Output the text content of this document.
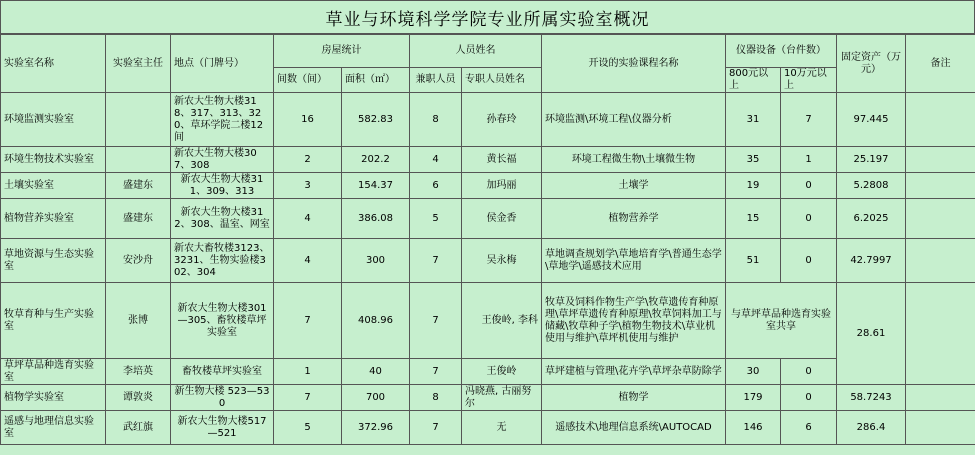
草业与环境科学学院专业所属实验室概况
实验室名称	实验室主任	地点（门牌号）	房屋统计		人员姓名		开设的实验课程名称	仪器设备（台件数）		固定资产（万元）	备注
			间数（间）	面积（㎡）	兼职人员	专职人员姓名		800元以上	10万元以上		
环境监测实验室		新农大生物大楼318、317、313、320、草环学院二楼12间	16	582.83	8	孙春玲	环境监测\环境工程\仪器分析	31	7	97.445	
环境生物技术实验室		新农大生物大楼307、308	2	202.2	4	黄长福	环境工程微生物\土壤微生物	35	1	25.197	
土壤实验室	盛建东	新农大生物大楼311、309、313	3	154.37	6	加玛丽	土壤学	19	0	5.2808	
植物营养实验室	盛建东	新农大生物大楼312、308、温室、网室	4	386.08	5	侯金香	植物营养学	15	0	6.2025	
草地资源与生态实验室	安沙舟	新农大畜牧楼3123、3231、生物实验楼302、304	4	300	7	吴永梅	草地调查规划学\草地培育学\普通生态学\草地学\遥感技术应用	51	0	42.7997	
牧草育种与生产实验室	张博	新农大生物大楼301—305、畜牧楼草坪实验室	7	408.96	7	王俊岭, 李科	牧草及饲料作物生产学\牧草遗传育种原理\草坪草遗传育种原理\牧草饲料加工与储藏\牧草种子学\植物生物技术\草业机使用与维护\草坪机使用与维护	与草坪草品种选育实验室共享		28.61	
草坪草品种选育实验室	李培英	畜牧楼草坪实验室	1	40	7	王俊岭	草坪建植与管理\花卉学\草坪杂草防除学	30	0		
植物学实验室	谭敦炎	新生物大楼 523—530	7	700	8	冯晓燕, 古丽努尔	植物学	179	0	58.7243	
遥感与地理信息实验室	武红旗	新农大生物大楼517—521	5	372.96	7	无	遥感技术\地理信息系统\AUTOCAD	146	6	286.4	
